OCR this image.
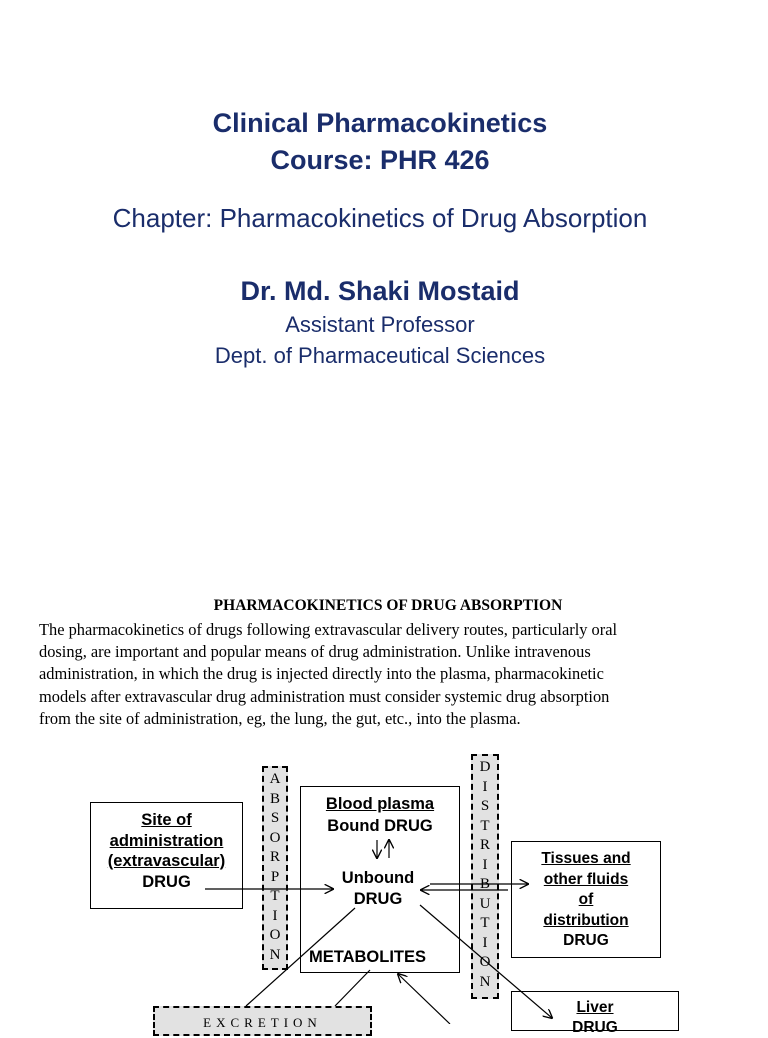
Clinical Pharmacokinetics
Course: PHR 426
Chapter: Pharmacokinetics of Drug Absorption
Dr. Md. Shaki Mostaid
Assistant Professor
Dept. of Pharmaceutical Sciences
PHARMACOKINETICS OF DRUG ABSORPTION
The pharmacokinetics of drugs following extravascular delivery routes, particularly oral
dosing, are important and popular means of drug administration. Unlike intravenous
administration, in which the drug is injected directly into the plasma, pharmacokinetic
models after extravascular drug administration must consider systemic drug absorption
from the site of administration, eg, the lung, the gut, etc., into the plasma.
Site of
administration
(extravascular)
DRUG
A
B
S
O
R
P
T
I
O
N
Blood plasma
Bound DRUG
Unbound
DRUG
METABOLITES
D
I
S
T
R
I
B
U
T
I
O
N
Tissues and
other fluids
of
distribution
DRUG
Liver
DRUG
EXCRETION
